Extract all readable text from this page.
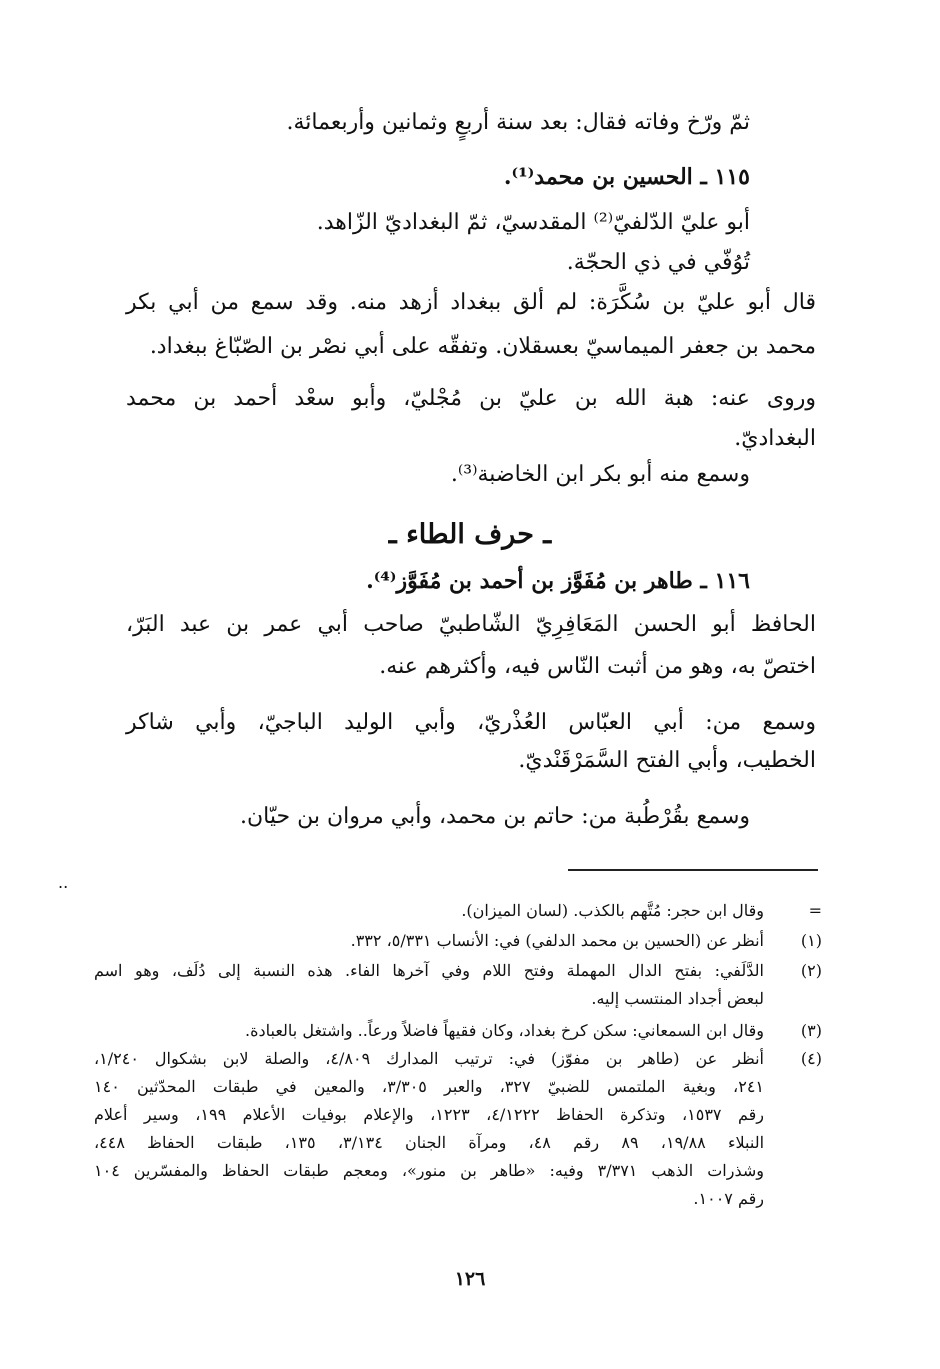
ثمّ ورّخ وفاته فقال: بعد سنة أربعٍ وثمانين وأربعمائة.
١١٥ ـ الحسين بن محمد⁽¹⁾.
أبو عليّ الدّلفيّ⁽²⁾ المقدسيّ، ثمّ البغداديّ الزّاهد.
تُوُفّي في ذي الحجّة.
قال أبو عليّ بن سُكَّرَة: لم ألق ببغداد أزهد منه. وقد سمع من أبي بكر
محمد بن جعفر الميماسيّ بعسقلان. وتفقّه على أبي نصْر بن الصّبّاغ ببغداد.
وروى عنه: هبة الله بن عليّ بن مُجْليّ، وأبو سعْد أحمد بن محمد
البغداديّ.
وسمع منه أبو بكر ابن الخاضبة⁽³⁾.
ـ حرف الطاء ـ
١١٦ ـ طاهر بن مُفَوَّز بن أحمد بن مُفَوَّز⁽⁴⁾.
الحافظ أبو الحسن المَعَافِرِيّ الشّاطبيّ صاحب أبي عمر بن عبد البَرّ،
اختصّ به، وهو من أثبت النّاس فيه، وأكثرهم عنه.
وسمع من: أبي العبّاس العُذْريّ، وأبي الوليد الباجيّ، وأبي شاكر
الخطيب، وأبي الفتح السَّمَرْقَنْديّ.
وسمع بقُرْطُبة من: حاتم بن محمد، وأبي مروان بن حيّان.
=
وقال ابن حجر: مُتَّهم بالكذب. (لسان الميزان).
(١)
أنظر عن (الحسين بن محمد الدلفي) في: الأنساب ٥/٣٣١، ٣٣٢.
(٢)
الدَّلَفي: بفتح الدال المهملة وفتح اللام وفي آخرها الفاء. هذه النسبة إلى دُلَف، وهو اسم
لبعض أجداد المنتسب إليه.
(٣)
وقال ابن السمعاني: سكن كرخ بغداد، وكان فقيهاً فاضلاً ورعاً.. واشتغل بالعبادة.
(٤)
أنظر عن (طاهر بن مفوّز) في: ترتيب المدارك ٤/٨٠٩، والصلة لابن بشكوال ١/٢٤٠،
٢٤١، وبغية الملتمس للضبيّ ٣٢٧، والعبر ٣/٣٠٥، والمعين في طبقات المحدّثين ١٤٠
رقم ١٥٣٧، وتذكرة الحفاظ ٤/١٢٢٢، ١٢٢٣، والإعلام بوفيات الأعلام ١٩٩، وسير أعلام
النبلاء ١٩/٨٨، ٨٩ رقم ٤٨، ومرآة الجنان ٣/١٣٤، ١٣٥، طبقات الحفاظ ٤٤٨،
وشذرات الذهب ٣/٣٧١ وفيه: «طاهر بن منور»، ومعجم طبقات الحفاظ والمفسّرين ١٠٤
رقم ١٠٠٧.
..
١٢٦
